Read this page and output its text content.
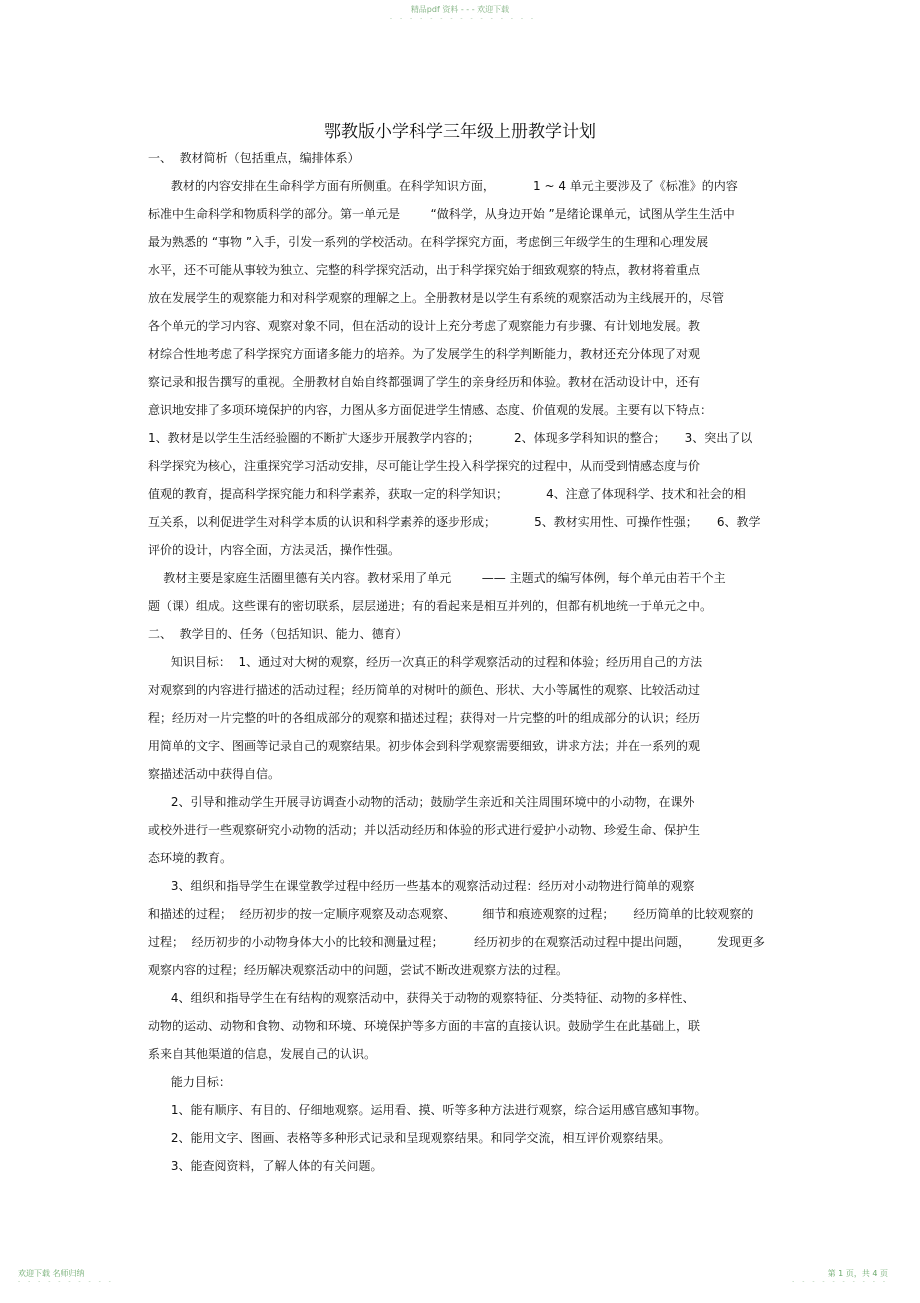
精品pdf 资料 - - - 欢迎下载
- - - - - - - - - - - - - - -
鄂教版小学科学三年级上册教学计划
一、  教材简析（包括重点，编排体系）
教材的内容安排在生命科学方面有所侧重。在科学知识方面，          1 ~ 4 单元主要涉及了《标准》的内容
标准中生命科学和物质科学的部分。第一单元是        “做科学，从身边开始 ”是绪论课单元，试图从学生生活中
最为熟悉的 “事物 ”入手，引发一系列的学校活动。在科学探究方面，考虑倒三年级学生的生理和心理发展
水平，还不可能从事较为独立、完整的科学探究活动，出于科学探究始于细致观察的特点，教材将着重点
放在发展学生的观察能力和对科学观察的理解之上。全册教材是以学生有系统的观察活动为主线展开的，尽管
各个单元的学习内容、观察对象不同，但在活动的设计上充分考虑了观察能力有步骤、有计划地发展。教
材综合性地考虑了科学探究方面诸多能力的培养。为了发展学生的科学判断能力，教材还充分体现了对观
察记录和报告撰写的重视。全册教材自始自终都强调了学生的亲身经历和体验。教材在活动设计中，还有
意识地安排了多项环境保护的内容，力图从多方面促进学生情感、态度、价值观的发展。主要有以下特点：
1、教材是以学生生活经验圈的不断扩大逐步开展教学内容的；         2、体现多学科知识的整合；     3、突出了以
科学探究为核心，注重探究学习活动安排，尽可能让学生投入科学探究的过程中，从而受到情感态度与价
值观的教育，提高科学探究能力和科学素养，获取一定的科学知识；          4、注意了体现科学、技术和社会的相
互关系，以利促进学生对科学本质的认识和科学素养的逐步形成；          5、教材实用性、可操作性强；     6、教学
评价的设计，内容全面，方法灵活，操作性强。
教材主要是家庭生活圈里德有关内容。教材采用了单元        —— 主题式的编写体例，每个单元由若干个主
题（课）组成。这些课有的密切联系，层层递进；有的看起来是相互并列的，但都有机地统一于单元之中。
二、  教学目的、任务（包括知识、能力、德育）
知识目标：  1、通过对大树的观察，经历一次真正的科学观察活动的过程和体验；经历用自己的方法
对观察到的内容进行描述的活动过程；经历简单的对树叶的颜色、形状、大小等属性的观察、比较活动过
程；经历对一片完整的叶的各组成部分的观察和描述过程；获得对一片完整的叶的组成部分的认识；经历
用简单的文字、图画等记录自己的观察结果。初步体会到科学观察需要细致，讲求方法；并在一系列的观
察描述活动中获得自信。
2、引导和推动学生开展寻访调查小动物的活动；鼓励学生亲近和关注周围环境中的小动物，在课外
或校外进行一些观察研究小动物的活动；并以活动经历和体验的形式进行爱护小动物、珍爱生命、保护生
态环境的教育。
3、组织和指导学生在课堂教学过程中经历一些基本的观察活动过程：经历对小动物进行简单的观察
和描述的过程；  经历初步的按一定顺序观察及动态观察、       细节和痕迹观察的过程；     经历简单的比较观察的
过程；  经历初步的小动物身体大小的比较和测量过程；        经历初步的在观察活动过程中提出问题，       发现更多
观察内容的过程；经历解决观察活动中的问题，尝试不断改进观察方法的过程。
4、组织和指导学生在有结构的观察活动中，获得关于动物的观察特征、分类特征、动物的多样性、
动物的运动、动物和食物、动物和环境、环境保护等多方面的丰富的直接认识。鼓励学生在此基础上，联
系来自其他渠道的信息，发展自己的认识。
能力目标：
1、能有顺序、有目的、仔细地观察。运用看、摸、听等多种方法进行观察，综合运用感官感知事物。
2、能用文字、图画、表格等多种形式记录和呈现观察结果。和同学交流，相互评价观察结果。
3、能查阅资料，了解人体的有关问题。
欢迎下载 名师归纳
- - - - - - - - - -
第 1 页，共 4 页
- - - - - - - - - -
